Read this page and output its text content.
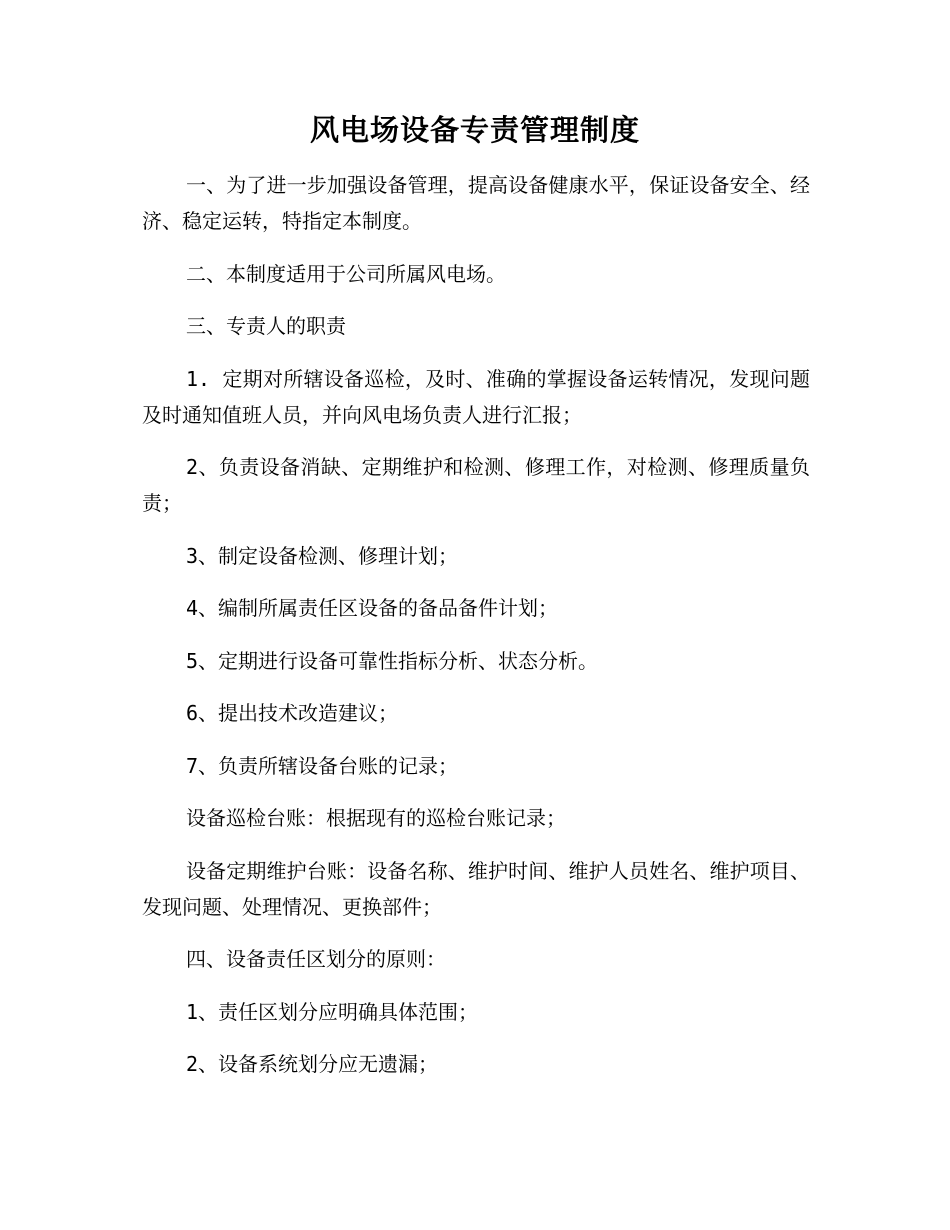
风电场设备专责管理制度

一、为了进一步加强设备管理，提高设备健康水平，保证设备安全、经济、稳定运转，特指定本制度。

二、本制度适用于公司所属风电场。

三、专责人的职责

1. 定期对所辖设备巡检，及时、准确的掌握设备运转情况，发现问题及时通知值班人员，并向风电场负责人进行汇报；

2、负责设备消缺、定期维护和检测、修理工作，对检测、修理质量负责；

3、制定设备检测、修理计划；

4、编制所属责任区设备的备品备件计划；

5、定期进行设备可靠性指标分析、状态分析。

6、提出技术改造建议；

7、负责所辖设备台账的记录；

设备巡检台账：根据现有的巡检台账记录；

设备定期维护台账：设备名称、维护时间、维护人员姓名、维护项目、发现问题、处理情况、更换部件；

四、设备责任区划分的原则：

1、责任区划分应明确具体范围；

2、设备系统划分应无遗漏；
